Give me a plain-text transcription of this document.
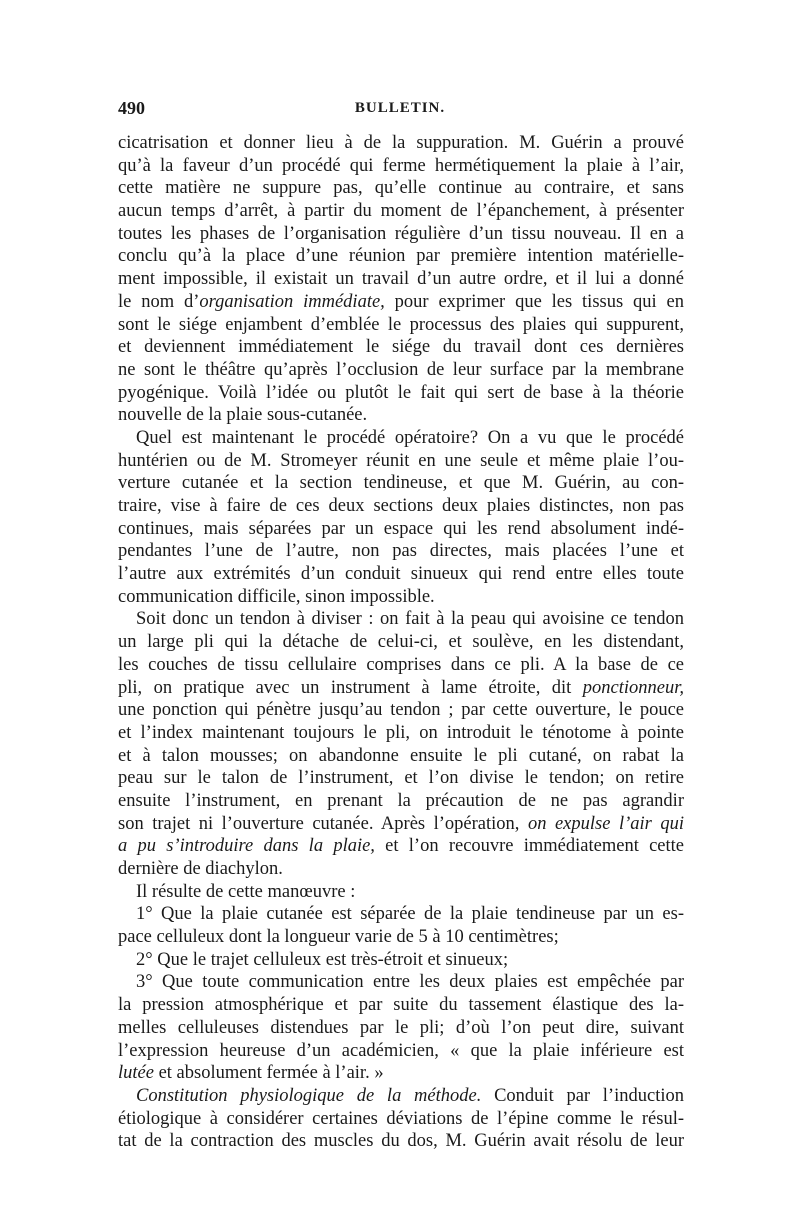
490	BULLETIN.
cicatrisation et donner lieu à de la suppuration. M. Guérin a prouvé
qu’à la faveur d’un procédé qui ferme hermétiquement la plaie à l’air,
cette matière ne suppure pas, qu’elle continue au contraire, et sans
aucun temps d’arrêt, à partir du moment de l’épanchement, à présenter
toutes les phases de l’organisation régulière d’un tissu nouveau. Il en a
conclu qu’à la place d’une réunion par première intention matérielle-
ment impossible, il existait un travail d’un autre ordre, et il lui a donné
le nom d’organisation immédiate, pour exprimer que les tissus qui en
sont le siége enjambent d’emblée le processus des plaies qui suppurent,
et deviennent immédiatement le siége du travail dont ces dernières
ne sont le théâtre qu’après l’occlusion de leur surface par la membrane
pyogénique. Voilà l’idée ou plutôt le fait qui sert de base à la théorie
nouvelle de la plaie sous-cutanée.
Quel est maintenant le procédé opératoire? On a vu que le procédé
huntérien ou de M. Stromeyer réunit en une seule et même plaie l’ou-
verture cutanée et la section tendineuse, et que M. Guérin, au con-
traire, vise à faire de ces deux sections deux plaies distinctes, non pas
continues, mais séparées par un espace qui les rend absolument indé-
pendantes l’une de l’autre, non pas directes, mais placées l’une et
l’autre aux extrémités d’un conduit sinueux qui rend entre elles toute
communication difficile, sinon impossible.
Soit donc un tendon à diviser : on fait à la peau qui avoisine ce tendon
un large pli qui la détache de celui-ci, et soulève, en les distendant,
les couches de tissu cellulaire comprises dans ce pli. A la base de ce
pli, on pratique avec un instrument à lame étroite, dit ponctionneur,
une ponction qui pénètre jusqu’au tendon ; par cette ouverture, le pouce
et l’index maintenant toujours le pli, on introduit le ténotome à pointe
et à talon mousses; on abandonne ensuite le pli cutané, on rabat la
peau sur le talon de l’instrument, et l’on divise le tendon; on retire
ensuite l’instrument, en prenant la précaution de ne pas agrandir
son trajet ni l’ouverture cutanée. Après l’opération, on expulse l’air qui
a pu s’introduire dans la plaie, et l’on recouvre immédiatement cette
dernière de diachylon.
Il résulte de cette manœuvre :
1° Que la plaie cutanée est séparée de la plaie tendineuse par un es-
pace celluleux dont la longueur varie de 5 à 10 centimètres;
2° Que le trajet celluleux est très-étroit et sinueux;
3° Que toute communication entre les deux plaies est empêchée par
la pression atmosphérique et par suite du tassement élastique des la-
melles celluleuses distendues par le pli; d’où l’on peut dire, suivant
l’expression heureuse d’un académicien, « que la plaie inférieure est
lutée et absolument fermée à l’air. »
Constitution physiologique de la méthode. Conduit par l’induction
étiologique à considérer certaines déviations de l’épine comme le résul-
tat de la contraction des muscles du dos, M. Guérin avait résolu de leur
